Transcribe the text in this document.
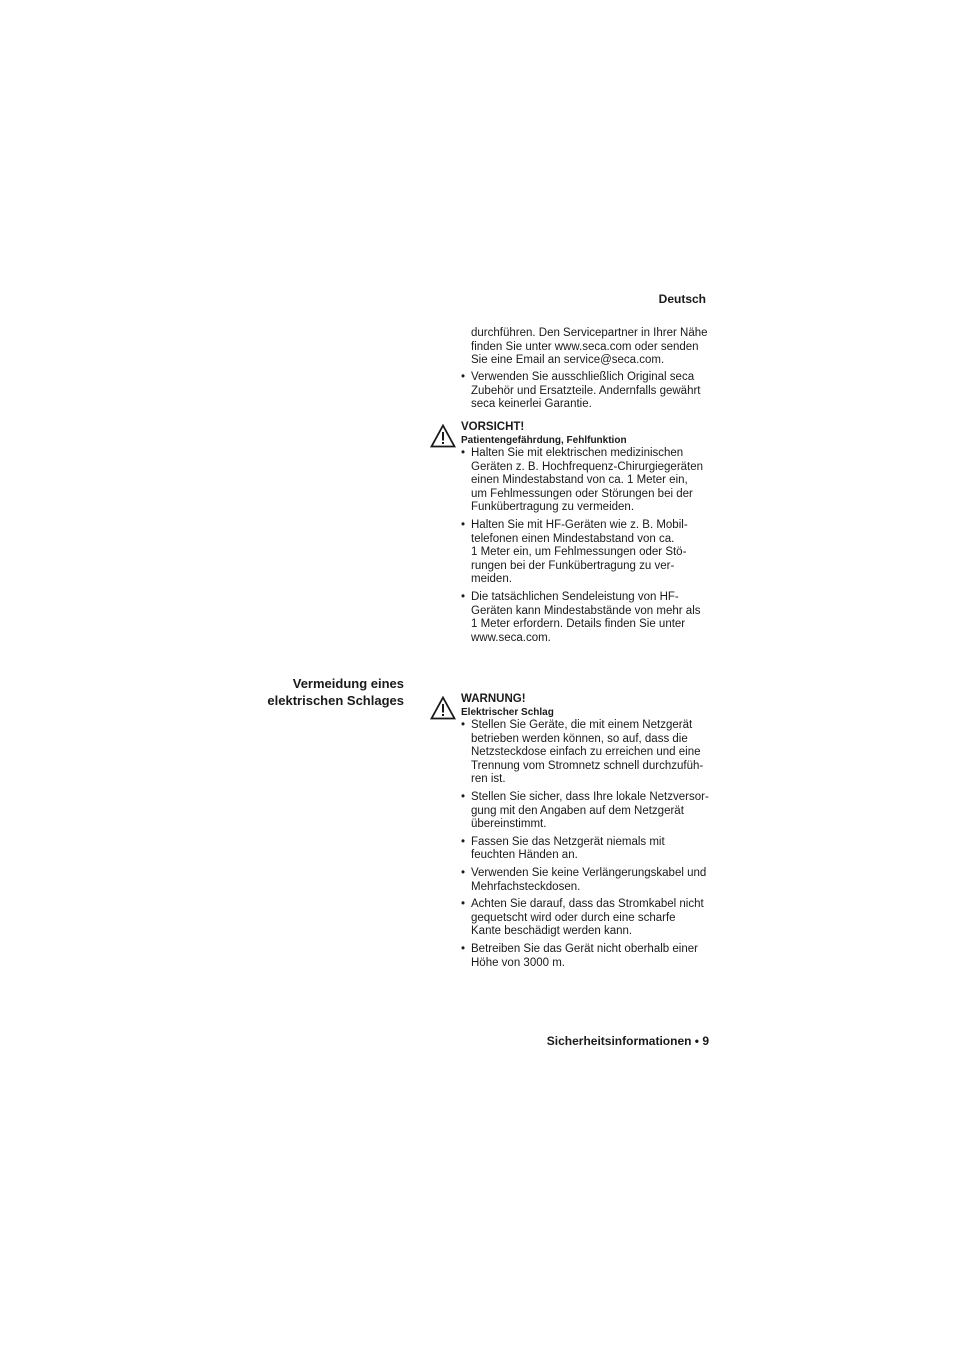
Deutsch
durchführen. Den Servicepartner in Ihrer Nähe
finden Sie unter www.seca.com oder senden
Sie eine Email an service@seca.com.
• Verwenden Sie ausschließlich Original seca
Zubehör und Ersatzteile. Andernfalls gewährt
seca keinerlei Garantie.
VORSICHT!
Patientengefährdung, Fehlfunktion
• Halten Sie mit elektrischen medizinischen
Geräten z. B. Hochfrequenz-Chirurgiegeräten
einen Mindestabstand von ca. 1 Meter ein,
um Fehlmessungen oder Störungen bei der
Funkübertragung zu vermeiden.
• Halten Sie mit HF-Geräten wie z. B. Mobil-
telefonen einen Mindestabstand von ca.
1 Meter ein, um Fehlmessungen oder Stö-
rungen bei der Funkübertragung zu ver-
meiden.
• Die tatsächlichen Sendeleistung von HF-
Geräten kann Mindestabstände von mehr als
1 Meter erfordern. Details finden Sie unter
www.seca.com.
Vermeidung eines
elektrischen Schlages	WARNUNG!
Elektrischer Schlag
• Stellen Sie Geräte, die mit einem Netzgerät
betrieben werden können, so auf, dass die
Netzsteckdose einfach zu erreichen und eine
Trennung vom Stromnetz schnell durchzufüh-
ren ist.
• Stellen Sie sicher, dass Ihre lokale Netzversor-
gung mit den Angaben auf dem Netzgerät
übereinstimmt.
• Fassen Sie das Netzgerät niemals mit
feuchten Händen an.
• Verwenden Sie keine Verlängerungskabel und
Mehrfachsteckdosen.
• Achten Sie darauf, dass das Stromkabel nicht
gequetscht wird oder durch eine scharfe
Kante beschädigt werden kann.
• Betreiben Sie das Gerät nicht oberhalb einer
Höhe von 3000 m.
Sicherheitsinformationen • 9
